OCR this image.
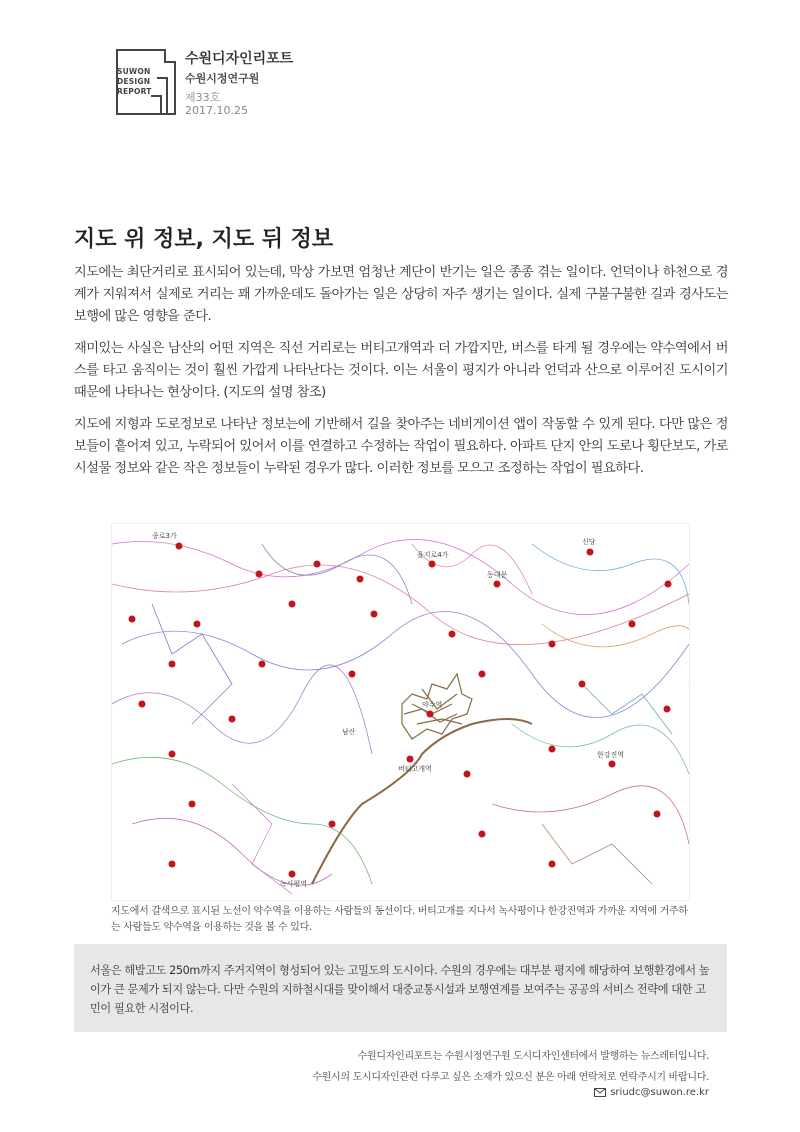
SUWON
DESIGN
REPORT
수원디자인리포트
수원시정연구원
제33호
2017.10.25
지도 위 정보, 지도 뒤 정보

지도에는 최단거리로 표시되어 있는데, 막상 가보면 엄청난 계단이 반기는 일은 종종 겪는 일이다. 언덕이나 하천으로 경계가 지워져서 실제로 거리는 꽤 가까운데도 돌아가는 일은 상당히 자주 생기는 일이다. 실제 구불구불한 길과 경사도는 보행에 많은 영향을 준다.

재미있는 사실은 남산의 어떤 지역은 직선 거리로는 버티고개역과 더 가깝지만, 버스를 타게 될 경우에는 약수역에서 버스를 타고 움직이는 것이 훨씬 가깝게 나타난다는 것이다. 이는 서울이 평지가 아니라 언덕과 산으로 이루어진 도시이기 때문에 나타나는 현상이다. (지도의 설명 참조)

지도에 지형과 도로정보로 나타난 정보는에 기반해서 길을 찾아주는 네비게이션 앱이 작동할 수 있게 된다. 다만 많은 정보들이 흩어져 있고, 누락되어 있어서 이를 연결하고 수정하는 작업이 필요하다. 아파트 단지 안의 도로나 횡단보도, 가로시설물 정보와 같은 작은 정보들이 누락된 경우가 많다. 이러한 정보를 모으고 조정하는 작업이 필요하다.

종로3가
을지로4가
동대문
신당
약수역
버티고개역
한강진역
녹사평역
남산

지도에서 갈색으로 표시된 노선이 약수역을 이용하는 사람들의 동선이다. 버티고개를 지나서 녹사평이나 한강진역과 가까운 지역에 거주하는 사람들도 약수역을 이용하는 것을 볼 수 있다.

서울은 해발고도 250m까지 주거지역이 형성되어 있는 고밀도의 도시이다. 수원의 경우에는 대부분 평지에 해당하여 보행환경에서 높이가 큰 문제가 되지 않는다. 다만 수원의 지하철시대를 맞이해서 대중교통시설과 보행연계를 보여주는 공공의 서비스 전략에 대한 고민이 필요한 시점이다.

수원디자인리포트는 수원시정연구원 도시디자인센터에서 발행하는 뉴스레터입니다.
수원시의 도시디자인관련 다루고 싶은 소재가 있으신 분은 아래 연락처로 연락주시기 바랍니다.
sriudc@suwon.re.kr
